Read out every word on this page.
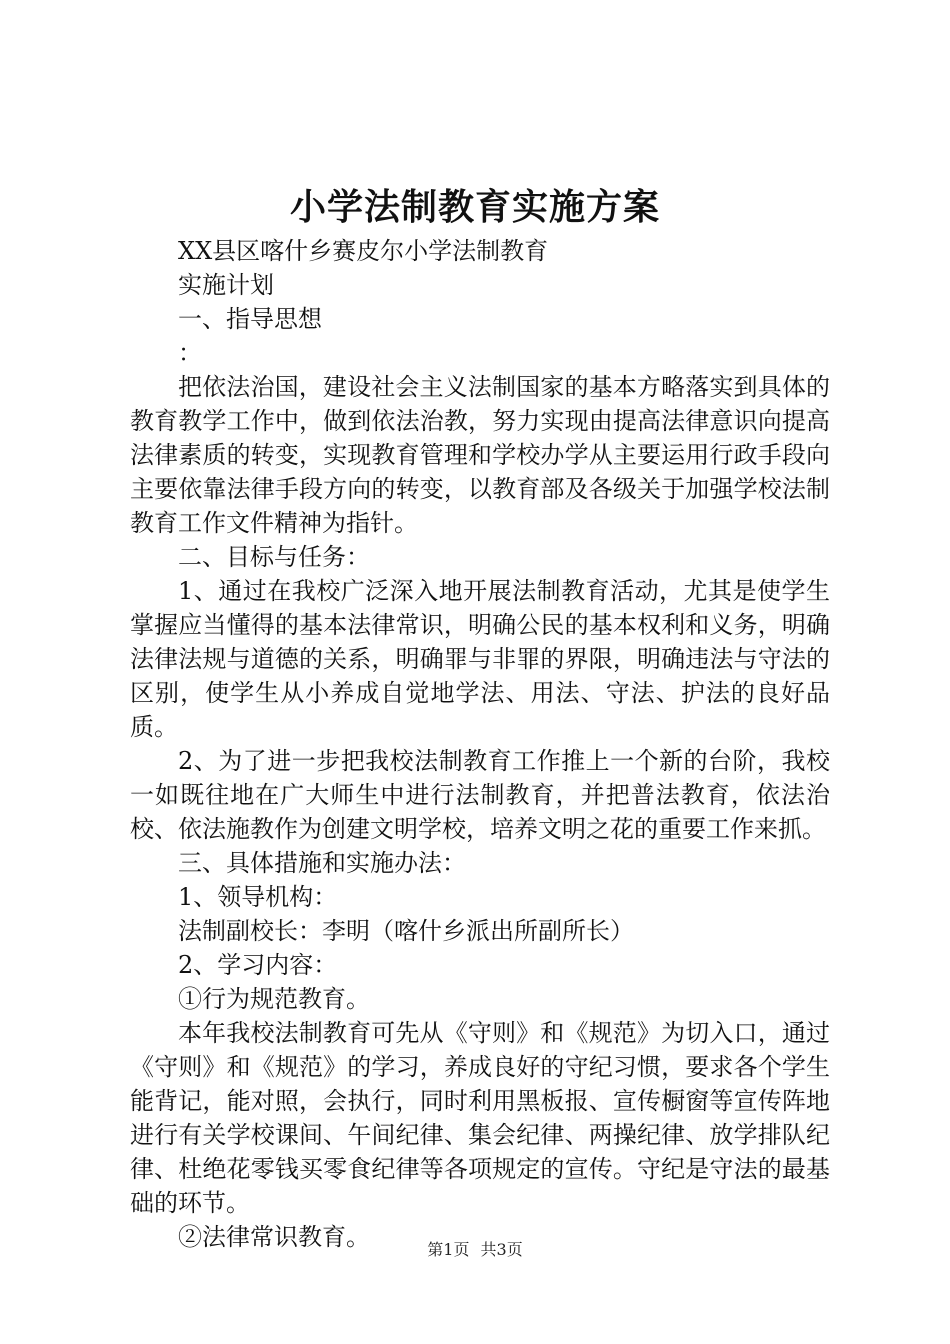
小学法制教育实施方案

XX县区喀什乡赛皮尔小学法制教育

实施计划

一、指导思想

：

把依法治国，建设社会主义法制国家的基本方略落实到具体的教育教学工作中，做到依法治教，努力实现由提高法律意识向提高法律素质的转变，实现教育管理和学校办学从主要运用行政手段向主要依靠法律手段方向的转变，以教育部及各级关于加强学校法制教育工作文件精神为指针。

二、目标与任务：

1、通过在我校广泛深入地开展法制教育活动，尤其是使学生掌握应当懂得的基本法律常识，明确公民的基本权利和义务，明确法律法规与道德的关系，明确罪与非罪的界限，明确违法与守法的区别，使学生从小养成自觉地学法、用法、守法、护法的良好品质。

2、为了进一步把我校法制教育工作推上一个新的台阶，我校一如既往地在广大师生中进行法制教育，并把普法教育，依法治校、依法施教作为创建文明学校，培养文明之花的重要工作来抓。

三、具体措施和实施办法：

1、领导机构：

法制副校长：李明（喀什乡派出所副所长）

2、学习内容：

①行为规范教育。

本年我校法制教育可先从《守则》和《规范》为切入口，通过《守则》和《规范》的学习，养成良好的守纪习惯，要求各个学生能背记，能对照，会执行，同时利用黑板报、宣传橱窗等宣传阵地进行有关学校课间、午间纪律、集会纪律、两操纪律、放学排队纪律、杜绝花零钱买零食纪律等各项规定的宣传。守纪是守法的最基础的环节。

②法律常识教育。	第1页 共3页
